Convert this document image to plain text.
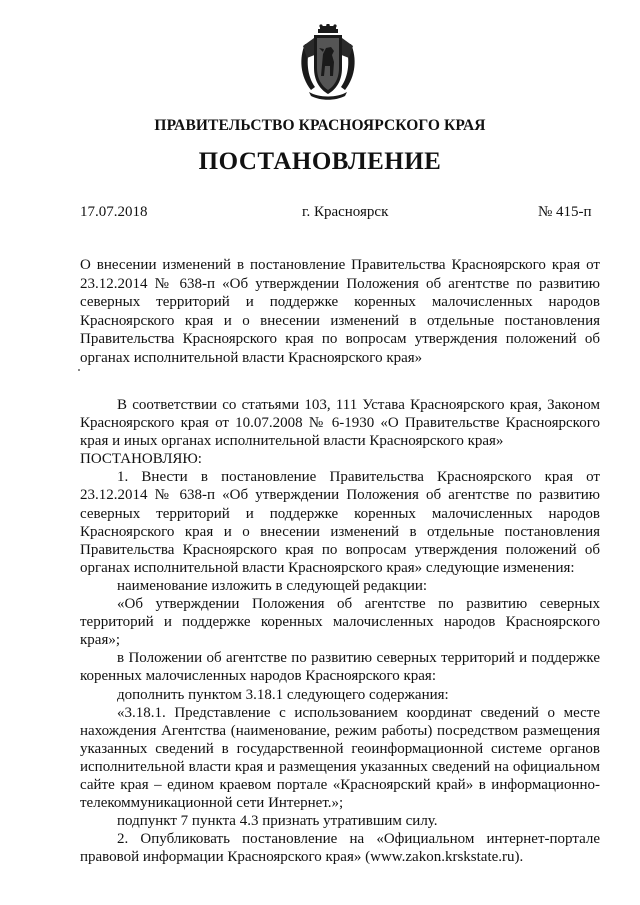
ПРАВИТЕЛЬСТВО КРАСНОЯРСКОГО КРАЯ
ПОСТАНОВЛЕНИЕ
17.07.2018	г. Красноярск	№ 415-п
О внесении изменений в постановление Правительства Красноярского края от 23.12.2014 № 638-п «Об утверждении Положения об агентстве по развитию северных территорий и поддержке коренных малочисленных народов Красноярского края и о внесении изменений в отдельные постановления Правительства Красноярского края по вопросам утверждения положений об органах исполнительной власти Красноярского края»

В соответствии со статьями 103, 111 Устава Красноярского края, Законом Красноярского края от 10.07.2008 № 6-1930 «О Правительстве Красноярского края и иных органах исполнительной власти Красноярского края»

ПОСТАНОВЛЯЮ:

1. Внести в постановление Правительства Красноярского края от 23.12.2014 № 638-п «Об утверждении Положения об агентстве по развитию северных территорий и поддержке коренных малочисленных народов Красноярского края и о внесении изменений в отдельные постановления Правительства Красноярского края по вопросам утверждения положений об органах исполнительной власти Красноярского края» следующие изменения:

наименование изложить в следующей редакции:

«Об утверждении Положения об агентстве по развитию северных территорий и поддержке коренных малочисленных народов Красноярского края»;

в Положении об агентстве по развитию северных территорий и поддержке коренных малочисленных народов Красноярского края:

дополнить пунктом 3.18.1 следующего содержания:

«3.18.1. Представление с использованием координат сведений о месте нахождения Агентства (наименование, режим работы) посредством размещения указанных сведений в государственной геоинформационной системе органов исполнительной власти края и размещения указанных сведений на официальном сайте края – едином краевом портале «Красноярский край» в информационно-телекоммуникационной сети Интернет.»;

подпункт 7 пункта 4.3 признать утратившим силу.

2. Опубликовать постановление на «Официальном интернет-портале правовой информации Красноярского края» (www.zakon.krskstate.ru).
